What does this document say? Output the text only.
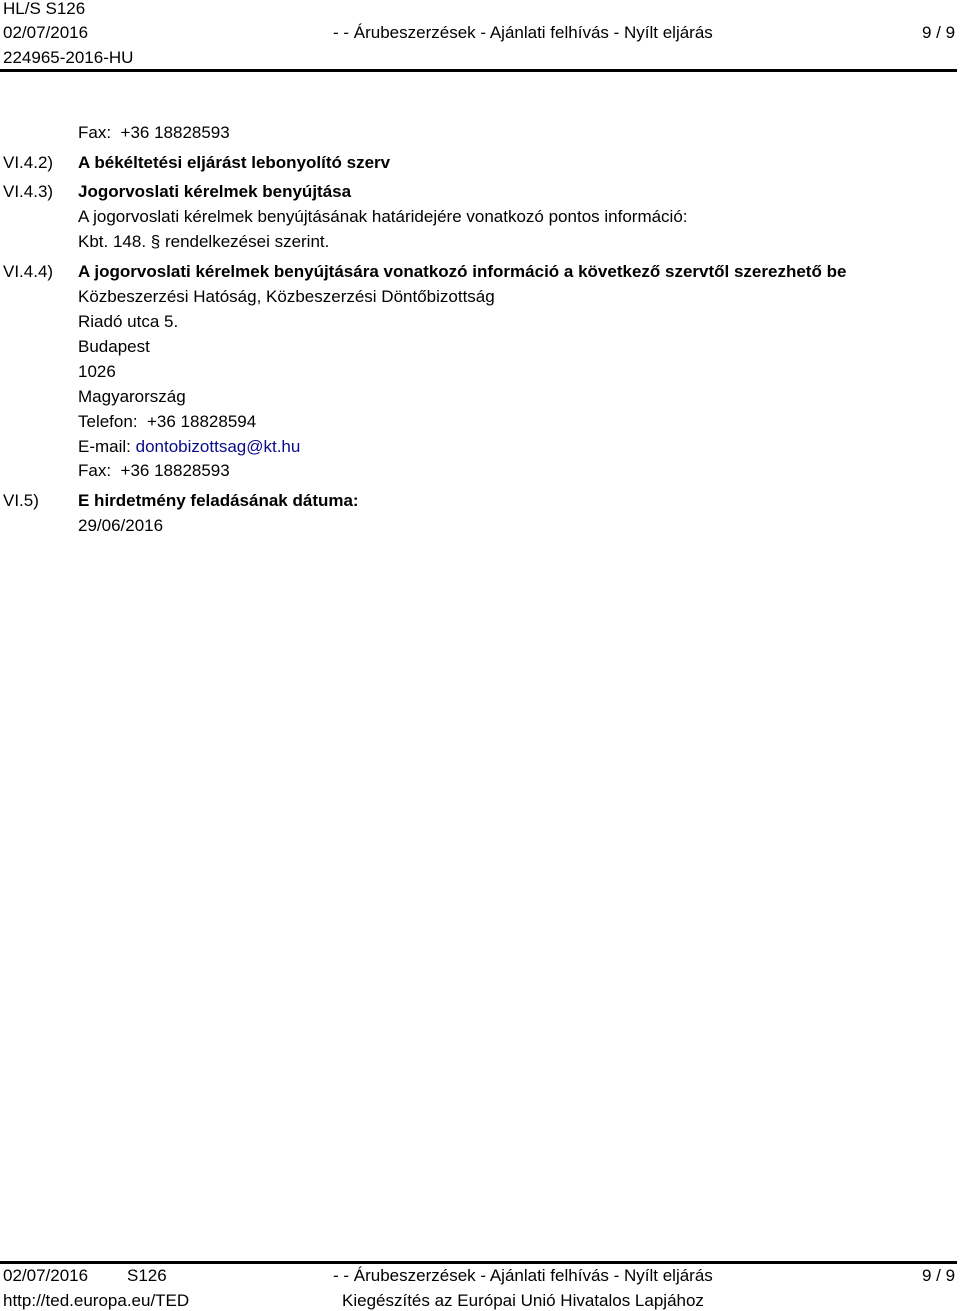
HL/S S126
02/07/2016
224965-2016-HU
- - Árubeszerzések - Ajánlati felhívás - Nyílt eljárás	9 / 9
Fax: +36 18828593
VI.4.2) A békéltetési eljárást lebonyolító szerv
VI.4.3) Jogorvoslati kérelmek benyújtása
A jogorvoslati kérelmek benyújtásának határidejére vonatkozó pontos információ:
Kbt. 148. § rendelkezései szerint.
VI.4.4) A jogorvoslati kérelmek benyújtására vonatkozó információ a következő szervtől szerezhető be
Közbeszerzési Hatóság, Közbeszerzési Döntőbizottság
Riadó utca 5.
Budapest
1026
Magyarország
Telefon: +36 18828594
E-mail: dontobizottsag@kt.hu
Fax: +36 18828593
VI.5) E hirdetmény feladásának dátuma:
29/06/2016
02/07/2016 S126
http://ted.europa.eu/TED
- - Árubeszerzések - Ajánlati felhívás - Nyílt eljárás
Kiegészítés az Európai Unió Hivatalos Lapjához
9 / 9
